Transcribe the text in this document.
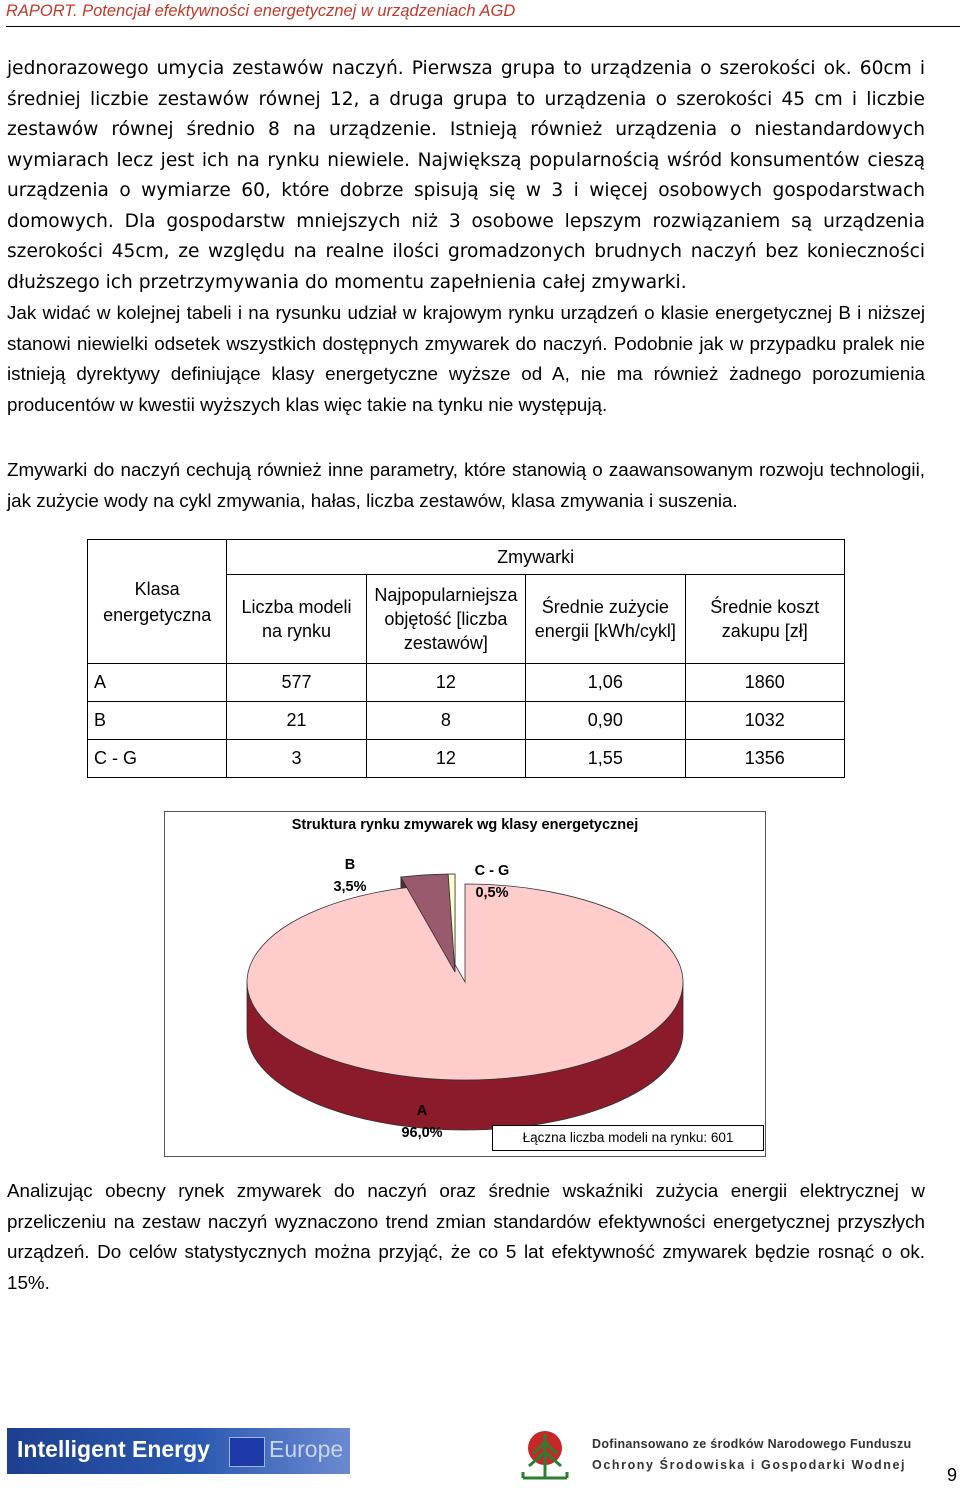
RAPORT. Potencjał efektywności energetycznej w urządzeniach AGD

jednorazowego umycia zestawów naczyń. Pierwsza grupa to urządzenia o szerokości ok. 60cm i średniej liczbie zestawów równej 12, a druga grupa to urządzenia o szerokości 45 cm i liczbie zestawów równej średnio 8 na urządzenie. Istnieją również urządzenia o niestandardowych wymiarach lecz jest ich na rynku niewiele. Największą popularnością wśród konsumentów cieszą urządzenia o wymiarze 60, które dobrze spisują się w 3 i więcej osobowych gospodarstwach domowych. Dla gospodarstw mniejszych niż 3 osobowe lepszym rozwiązaniem są urządzenia szerokości 45cm, ze względu na realne ilości gromadzonych brudnych naczyń bez konieczności dłuższego ich przetrzymywania do momentu zapełnienia całej zmywarki.

Jak widać w kolejnej tabeli i na rysunku udział w krajowym rynku urządzeń o klasie energetycznej B i niższej stanowi niewielki odsetek wszystkich dostępnych zmywarek do naczyń. Podobnie jak w przypadku pralek nie istnieją dyrektywy definiujące klasy energetyczne wyższe od A, nie ma również żadnego porozumienia producentów w kwestii wyższych klas więc takie na tynku nie występują.

Zmywarki do naczyń cechują również inne parametry, które stanowią o zaawansowanym rozwoju technologii, jak zużycie wody na cykl zmywania, hałas, liczba zestawów, klasa zmywania i suszenia.

Klasa energetyczna	Zmywarki			
	Liczba modeli na rynku	Najpopularniejsza objętość [liczba zestawów]	Średnie zużycie energii [kWh/cykl]	Średnie koszt zakupu [zł]
A	577	12	1,06	1860
B	21	8	0,90	1032
C - G	3	12	1,55	1356
Struktura rynku zmywarek wg klasy energetycznej
B
3,5%
C - G
0,5%
A
96,0%	Łączna liczba modeli na rynku: 601

Analizując obecny rynek zmywarek do naczyń oraz średnie wskaźniki zużycia energii elektrycznej w przeliczeniu na zestaw naczyń wyznaczono trend zmian standardów efektywności energetycznej przyszłych urządzeń. Do celów statystycznych można przyjąć, że co 5 lat efektywność zmywarek będzie rosnąć o ok. 15%.

Intelligent Energy	Europe	Dofinansowano ze środków Narodowego Funduszu
Ochrony Środowiska i Gospodarki Wodnej 9
